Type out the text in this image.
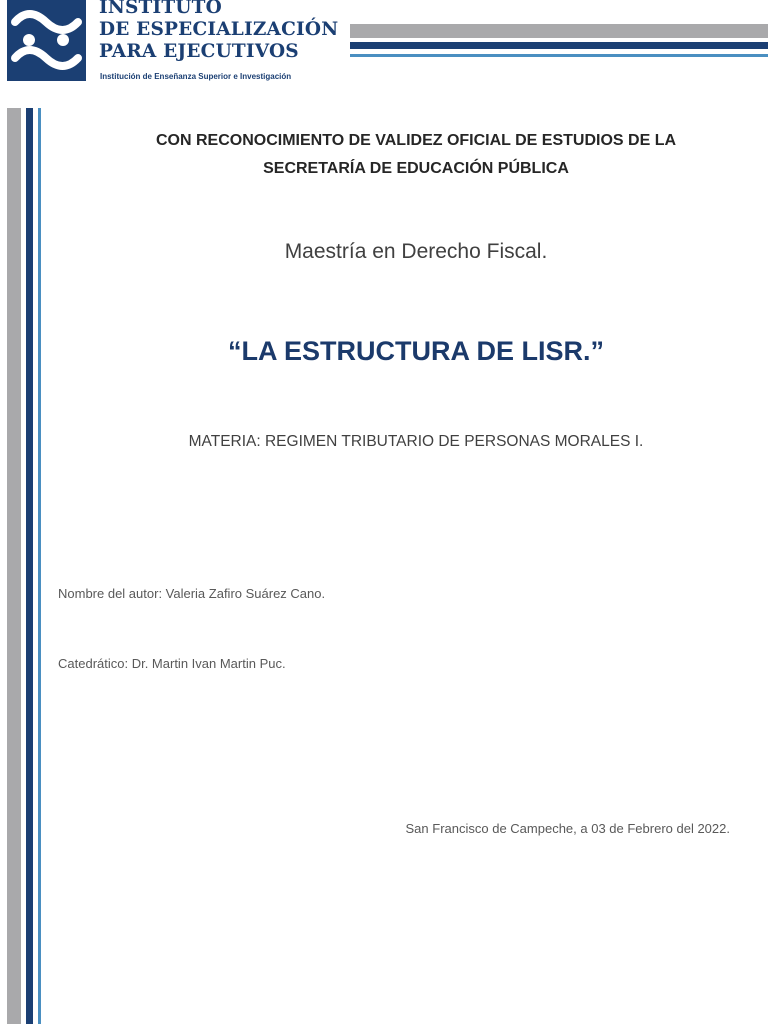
INSTITUTO
DE ESPECIALIZACIÓN
PARA EJECUTIVOS
Institución de Enseñanza Superior e Investigación
CON RECONOCIMIENTO DE VALIDEZ OFICIAL DE ESTUDIOS DE LA
SECRETARÍA DE EDUCACIÓN PÚBLICA
Maestría en Derecho Fiscal.
“LA ESTRUCTURA DE LISR.”
MATERIA: REGIMEN TRIBUTARIO DE PERSONAS MORALES I.
Nombre del autor: Valeria Zafiro Suárez Cano.
Catedrático: Dr. Martin Ivan Martin Puc.
San Francisco de Campeche, a 03 de Febrero del 2022.
